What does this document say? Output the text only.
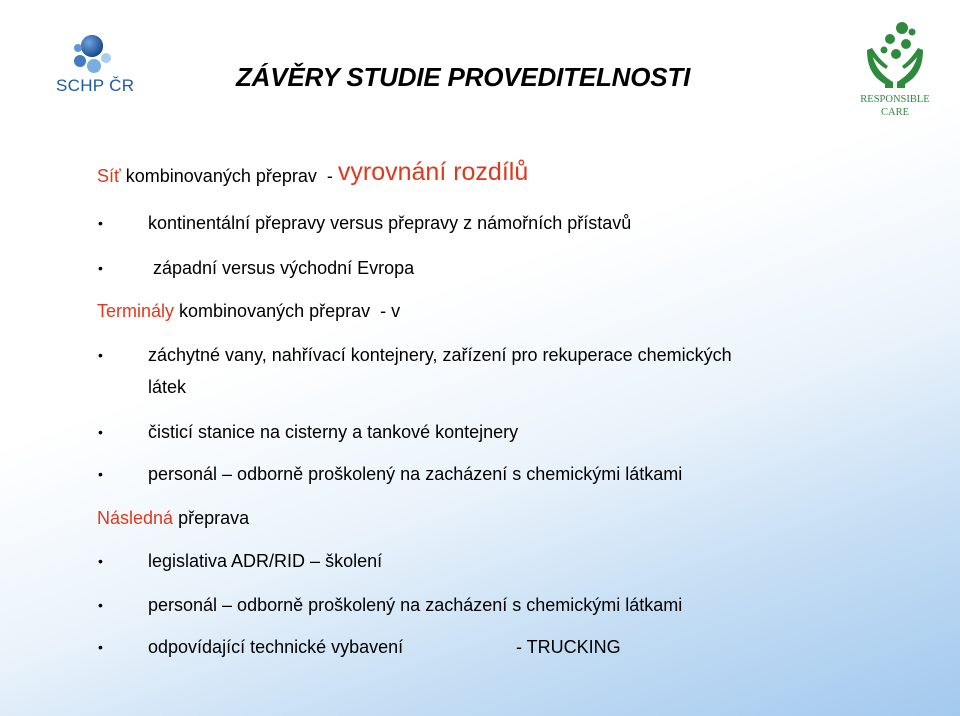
SCHP ČR
RESPONSIBLE
CARE
ZÁVĚRY STUDIE PROVEDITELNOSTI
Síť kombinovaných přeprav  - vyrovnání rozdílů
•	kontinentální přepravy versus přepravy z námořních přístavů
•	západní versus východní Evropa
Terminály kombinovaných přeprav  - v
•	záchytné vany, nahřívací kontejnery, zařízení pro rekuperace chemických
látek
•	čisticí stanice na cisterny a tankové kontejnery
•	personál – odborně proškolený na zacházení s chemickými látkami
Následná přeprava
•	legislativa ADR/RID – školení
•	personál – odborně proškolený na zacházení s chemickými látkami
•	odpovídající technické vybavení	- TRUCKING
